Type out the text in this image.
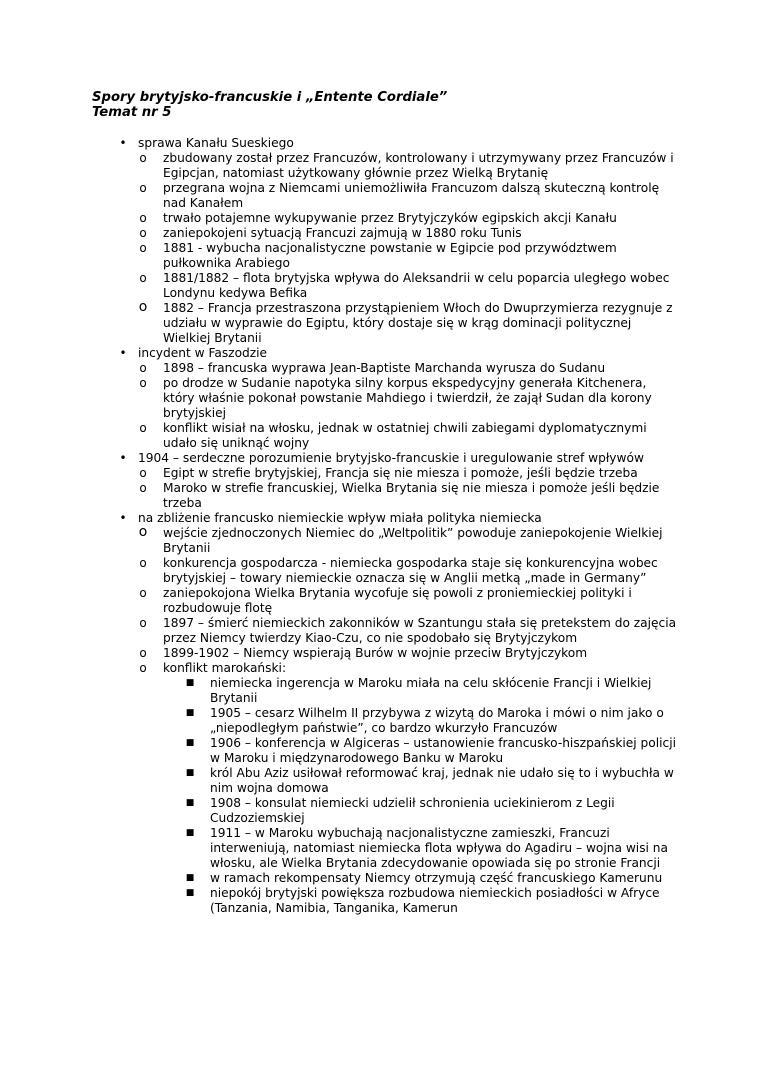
Spory brytyjsko-francuskie i „Entente Cordiale”
Temat nr 5
• sprawa Kanału Sueskiego
o zbudowany został przez Francuzów, kontrolowany i utrzymywany przez Francuzów i Egipcjan, natomiast użytkowany głównie przez Wielką Brytanię
o przegrana wojna z Niemcami uniemożliwiła Francuzom dalszą skuteczną kontrolę nad Kanałem
o trwało potajemne wykupywanie przez Brytyjczyków egipskich akcji Kanału
o zaniepokojeni sytuacją Francuzi zajmują w 1880 roku Tunis
o 1881 - wybucha nacjonalistyczne powstanie w Egipcie pod przywództwem pułkownika Arabiego
o 1881/1882 – flota brytyjska wpływa do Aleksandrii w celu poparcia uległego wobec Londynu kedywa Befika
o 1882 – Francja przestraszona przystąpieniem Włoch do Dwuprzymierza rezygnuje z udziału w wyprawie do Egiptu, który dostaje się w krąg dominacji politycznej Wielkiej Brytanii
• incydent w Faszodzie
o 1898 – francuska wyprawa Jean-Baptiste Marchanda wyrusza do Sudanu
o po drodze w Sudanie napotyka silny korpus ekspedycyjny generała Kitchenera, który właśnie pokonał powstanie Mahdiego i twierdził, że zajął Sudan dla korony brytyjskiej
o konflikt wisiał na włosku, jednak w ostatniej chwili zabiegami dyplomatycznymi udało się uniknąć wojny
• 1904 – serdeczne porozumienie brytyjsko-francuskie i uregulowanie stref wpływów
o Egipt w strefie brytyjskiej, Francja się nie miesza i pomoże, jeśli będzie trzeba
o Maroko w strefie francuskiej, Wielka Brytania się nie miesza i pomoże jeśli będzie trzeba
• na zbliżenie francusko niemieckie wpływ miała polityka niemiecka
o wejście zjednoczonych Niemiec do „Weltpolitik” powoduje zaniepokojenie Wielkiej Brytanii
o konkurencja gospodarcza - niemiecka gospodarka staje się konkurencyjna wobec brytyjskiej – towary niemieckie oznacza się w Anglii metką „made in Germany”
o zaniepokojona Wielka Brytania wycofuje się powoli z proniemieckiej polityki i rozbudowuje flotę
o 1897 – śmierć niemieckich zakonników w Szantungu stała się pretekstem do zajęcia przez Niemcy twierdzy Kiao-Czu, co nie spodobało się Brytyjczykom
o 1899-1902 – Niemcy wspierają Burów w wojnie przeciw Brytyjczykom
o konflikt marokański:
■ niemiecka ingerencja w Maroku miała na celu skłócenie Francji i Wielkiej Brytanii
■ 1905 – cesarz Wilhelm II przybywa z wizytą do Maroka i mówi o nim jako o „niepodległym państwie”, co bardzo wkurzyło Francuzów
■ 1906 – konferencja w Algiceras – ustanowienie francusko-hiszpańskiej policji w Maroku i międzynarodowego Banku w Maroku
■ król Abu Aziz usiłował reformować kraj, jednak nie udało się to i wybuchła w nim wojna domowa
■ 1908 – konsulat niemiecki udzielił schronienia uciekinierom z Legii Cudzoziemskiej
■ 1911 – w Maroku wybuchają nacjonalistyczne zamieszki, Francuzi interweniują, natomiast niemiecka flota wpływa do Agadiru – wojna wisi na włosku, ale Wielka Brytania zdecydowanie opowiada się po stronie Francji
■ w ramach rekompensaty Niemcy otrzymują część francuskiego Kamerunu
■ niepokój brytyjski powiększa rozbudowa niemieckich posiadłości w Afryce (Tanzania, Namibia, Tanganika, Kamerun
